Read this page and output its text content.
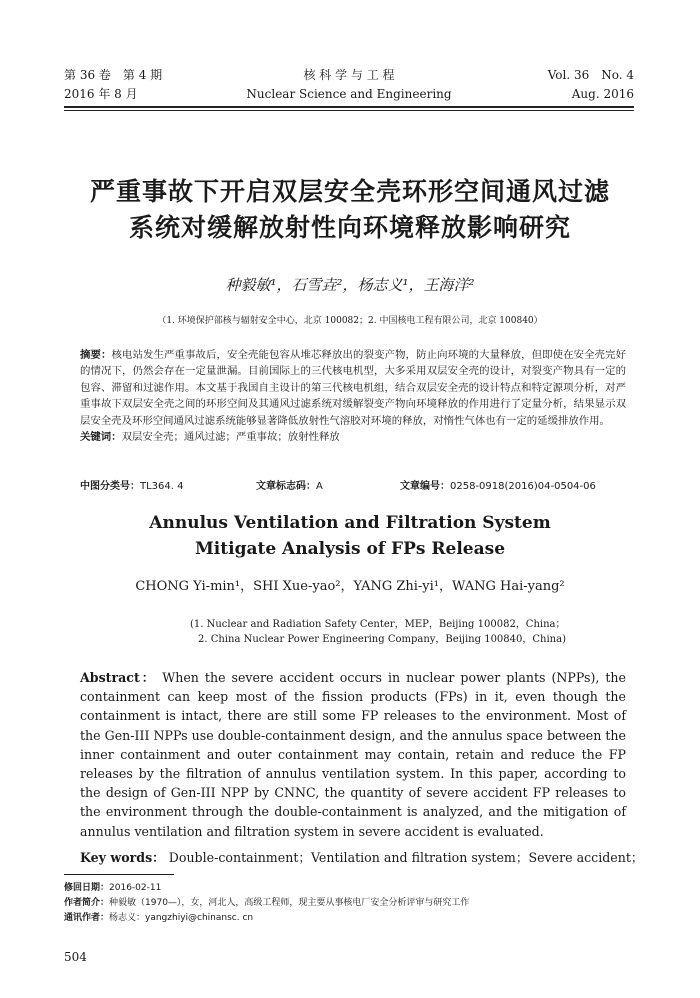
第 36 卷　第 4 期	核 科 学 与 工 程	Vol. 36　No. 4
2016 年 8 月	Nuclear Science and Engineering	Aug. 2016
严重事故下开启双层安全壳环形空间通风过滤
系统对缓解放射性向环境释放影响研究
种毅敏¹，石雪垚²，杨志义¹，王海洋²
（1. 环境保护部核与辐射安全中心，北京 100082；2. 中国核电工程有限公司，北京 100840）
摘要：核电站发生严重事故后，安全壳能包容从堆芯释放出的裂变产物，防止向环境的大量释放，但即使在安全壳完好的情况下，仍然会存在一定量泄漏。目前国际上的三代核电机型，大多采用双层安全壳的设计，对裂变产物具有一定的包容、滞留和过滤作用。本文基于我国自主设计的第三代核电机组，结合双层安全壳的设计特点和特定源项分析，对严重事故下双层安全壳之间的环形空间及其通风过滤系统对缓解裂变产物向环境释放的作用进行了定量分析，结果显示双层安全壳及环形空间通风过滤系统能够显著降低放射性气溶胶对环境的释放，对惰性气体也有一定的延缓排放作用。
关键词：双层安全壳；通风过滤；严重事故；放射性释放
中图分类号：TL364. 4	文章标志码：A	文章编号：0258-0918(2016)04-0504-06
Annulus Ventilation and Filtration System
Mitigate Analysis of FPs Release
CHONG Yi-min¹，SHI Xue-yao²，YANG Zhi-yi¹，WANG Hai-yang²
(1. Nuclear and Radiation Safety Center，MEP，Beijing 100082，China；
2. China Nuclear Power Engineering Company，Beijing 100840，China)
Abstract： When the severe accident occurs in nuclear power plants (NPPs), the containment can keep most of the fission products (FPs) in it, even though the containment is intact, there are still some FP releases to the environment. Most of the Gen-III NPPs use double-containment design, and the annulus space between the inner containment and outer containment may contain, retain and reduce the FP releases by the filtration of annulus ventilation system. In this paper, according to the design of Gen-III NPP by CNNC, the quantity of severe accident FP releases to the environment through the double-containment is analyzed, and the mitigation of annulus ventilation and filtration system in severe accident is evaluated.
Key words： Double-containment；Ventilation and filtration system；Severe accident；
修回日期：2016-02-11
作者简介：种毅敏（1970—），女，河北人，高级工程师，现主要从事核电厂安全分析评审与研究工作
通讯作者：杨志义：yangzhiyi@chinansc. cn
504
